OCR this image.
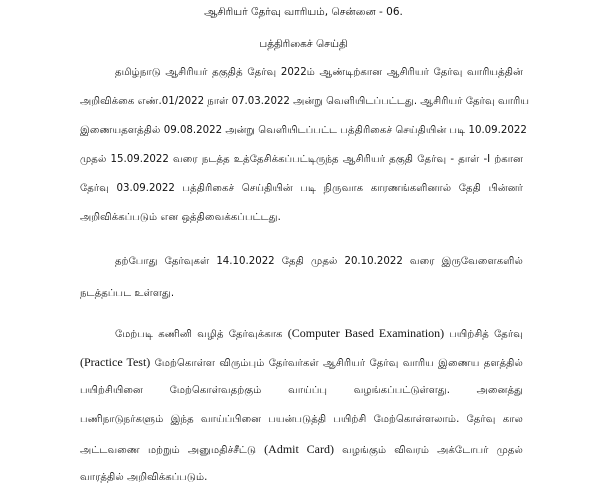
ஆசிரியர் தேர்வு வாரியம், சென்னை - 06.
பத்திரிகைச் செய்தி
தமிழ்நாடு ஆசிரியர் தகுதித் தேர்வு 2022ம் ஆண்டிற்கான ஆசிரியர் தேர்வு வாரியத்தின்
அறிவிக்கை எண்.01/2022 நாள் 07.03.2022 அன்று வெளியிடப்பட்டது. ஆசிரியர் தேர்வு வாரிய
இணையதளத்தில் 09.08.2022 அன்று வெளியிடப்பட்ட பத்திரிகைச் செய்தியின் படி 10.09.2022
முதல் 15.09.2022 வரை நடத்த உத்தேசிக்கப்பட்டிருந்த ஆசிரியர் தகுதி தேர்வு - தாள் -I ற்கான
தேர்வு 03.09.2022 பத்திரிகைச் செய்தியின் படி நிருவாக காரணங்களினால் தேதி பின்னர்
அறிவிக்கப்படும் என ஒத்திவைக்கப்பட்டது.
தற்போது தேர்வுகள் 14.10.2022 தேதி முதல் 20.10.2022 வரை இருவேளைகளில்
நடத்தப்பட உள்ளது.
மேற்படி கணினி வழித் தேர்வுக்காக (Computer Based Examination) பயிற்சித் தேர்வு
(Practice Test) மேற்கொள்ள விரும்பும் தேர்வர்கள் ஆசிரியர் தேர்வு வாரிய இணைய தளத்தில்
பயிற்சியினை மேற்கொள்வதற்கும் வாய்ப்பு வழங்கப்பட்டுள்ளது. அனைத்து
பணிநாடுநர்களும் இந்த வாய்ப்பினை பயன்படுத்தி பயிற்சி மேற்கொள்ளலாம். தேர்வு கால
அட்டவணை மற்றும் அனுமதிச்சீட்டு (Admit Card) வழங்கும் விவரம் அக்டோபர் முதல்
வாரத்தில் அறிவிக்கப்படும்.
